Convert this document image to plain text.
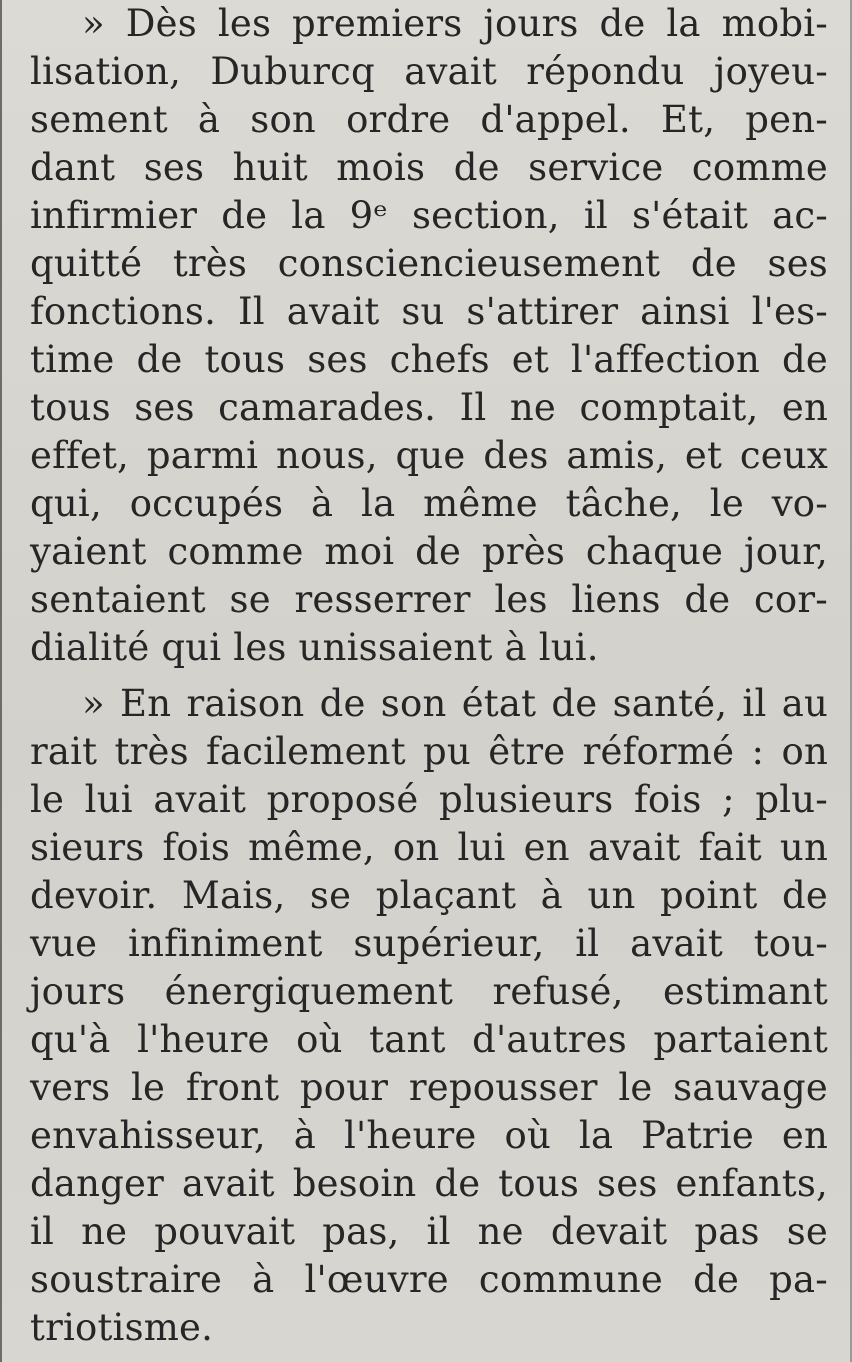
» Dès les premiers jours de la mobi-
lisation, Duburcq avait répondu joyeu-
sement à son ordre d'appel. Et, pen-
dant ses huit mois de service comme
infirmier de la 9ᵉ section, il s'était ac-
quitté très consciencieusement de ses
fonctions. Il avait su s'attirer ainsi l'es-
time de tous ses chefs et l'affection de
tous ses camarades. Il ne comptait, en
effet, parmi nous, que des amis, et ceux
qui, occupés à la même tâche, le vo-
yaient comme moi de près chaque jour,
sentaient se resserrer les liens de cor-
dialité qui les unissaient à lui.
» En raison de son état de santé, il au
rait très facilement pu être réformé : on
le lui avait proposé plusieurs fois ; plu-
sieurs fois même, on lui en avait fait un
devoir. Mais, se plaçant à un point de
vue infiniment supérieur, il avait tou-
jours énergiquement refusé, estimant
qu'à l'heure où tant d'autres partaient
vers le front pour repousser le sauvage
envahisseur, à l'heure où la Patrie en
danger avait besoin de tous ses enfants,
il ne pouvait pas, il ne devait pas se
soustraire à l'œuvre commune de pa-
triotisme.
